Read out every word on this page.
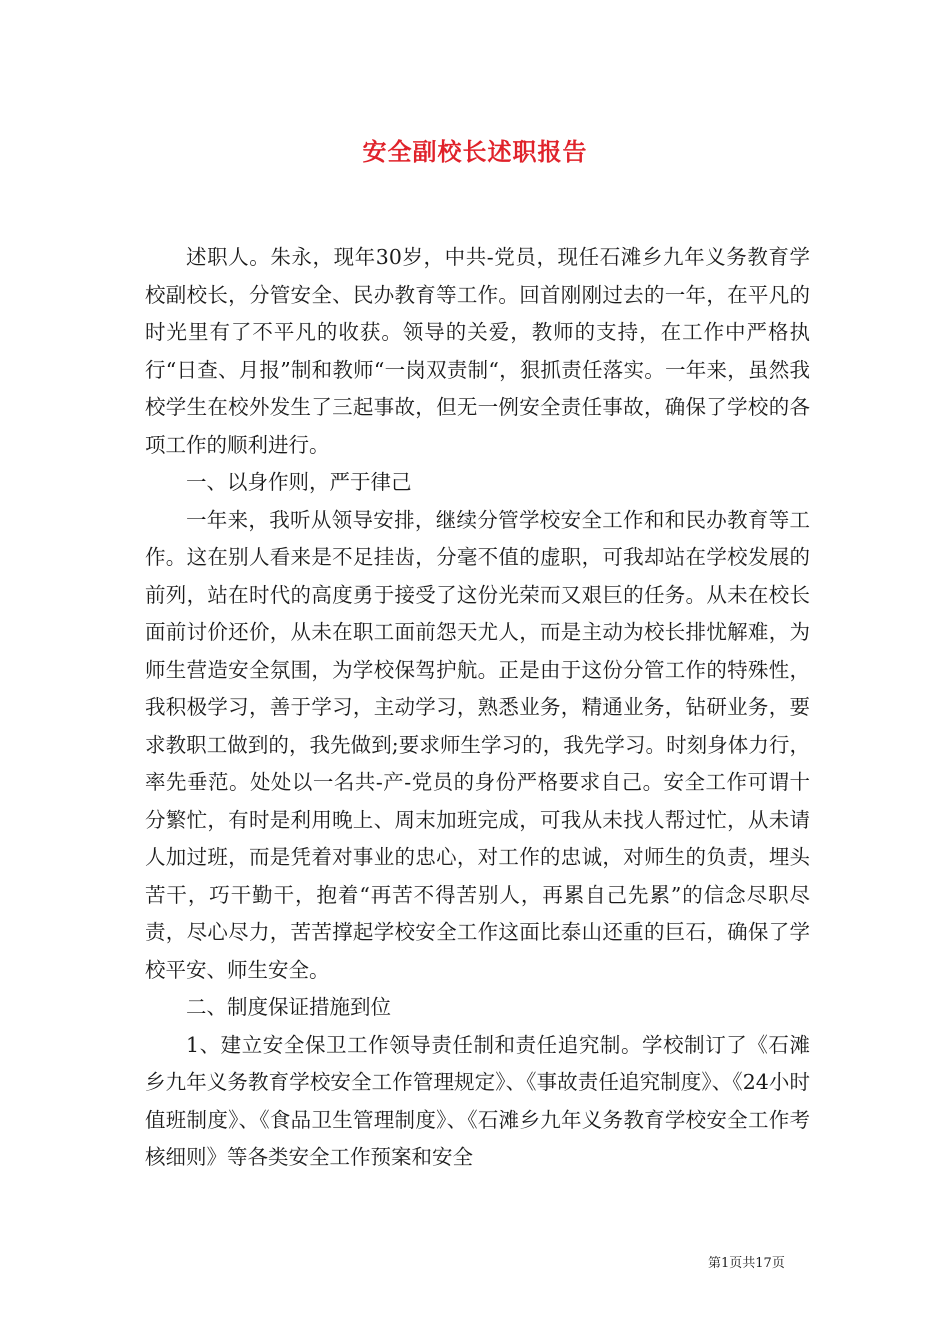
安全副校长述职报告

述职人。朱永，现年30岁，中共-党员，现任石滩乡九年义务教育学校副校长，分管安全、民办教育等工作。回首刚刚过去的一年，在平凡的时光里有了不平凡的收获。领导的关爱，教师的支持，在工作中严格执行“日查、月报”制和教师“一岗双责制“，狠抓责任落实。一年来，虽然我校学生在校外发生了三起事故，但无一例安全责任事故，确保了学校的各项工作的顺利进行。

一、以身作则，严于律己

一年来，我听从领导安排，继续分管学校安全工作和和民办教育等工作。这在别人看来是不足挂齿，分毫不值的虚职，可我却站在学校发展的前列，站在时代的高度勇于接受了这份光荣而又艰巨的任务。从未在校长面前讨价还价，从未在职工面前怨天尤人，而是主动为校长排忧解难，为师生营造安全氛围，为学校保驾护航。正是由于这份分管工作的特殊性，我积极学习，善于学习，主动学习，熟悉业务，精通业务，钻研业务，要求教职工做到的，我先做到;要求师生学习的，我先学习。时刻身体力行，率先垂范。处处以一名共-产-党员的身份严格要求自己。安全工作可谓十分繁忙，有时是利用晚上、周末加班完成，可我从未找人帮过忙，从未请人加过班，而是凭着对事业的忠心，对工作的忠诚，对师生的负责，埋头苦干，巧干勤干，抱着“再苦不得苦别人，再累自己先累”的信念尽职尽责，尽心尽力，苦苦撑起学校安全工作这面比泰山还重的巨石，确保了学校平安、师生安全。

二、制度保证措施到位

1、建立安全保卫工作领导责任制和责任追究制。学校制订了《石滩乡九年义务教育学校安全工作管理规定》、《事故责任追究制度》、《24小时值班制度》、《食品卫生管理制度》、《石滩乡九年义务教育学校安全工作考核细则》等各类安全工作预案和安全

第1页共17页
